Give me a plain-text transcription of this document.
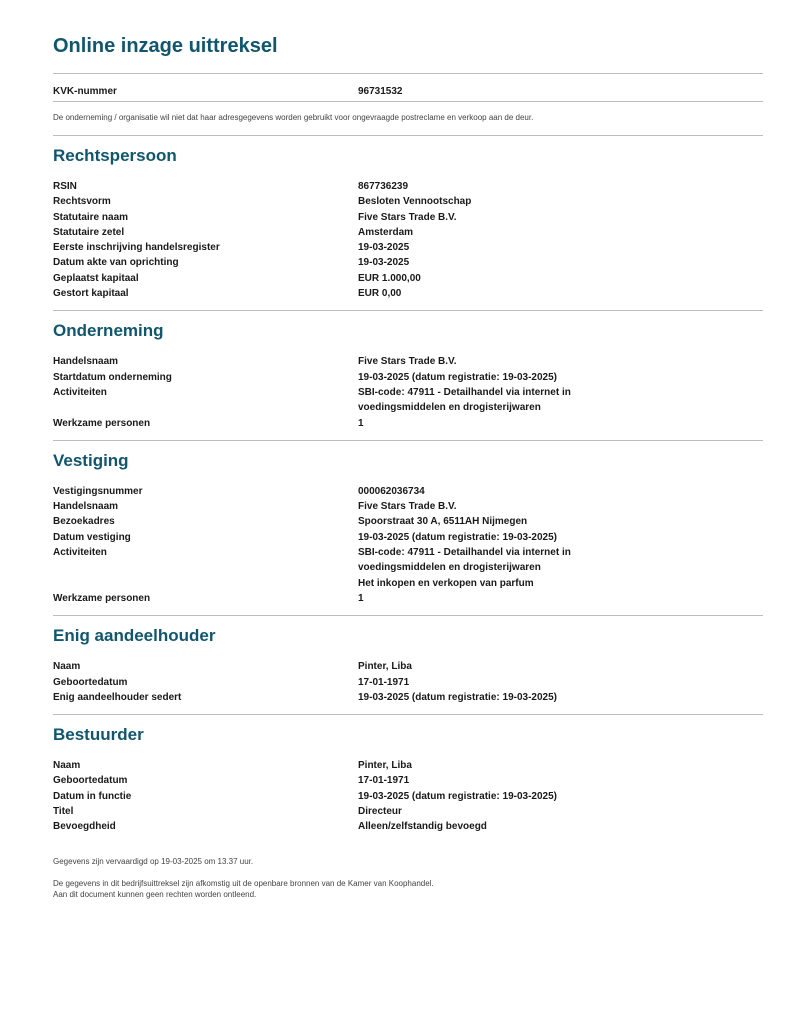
Online inzage uittreksel
KVK-nummer	96731532
De onderneming / organisatie wil niet dat haar adresgegevens worden gebruikt voor ongevraagde postreclame en verkoop aan de deur.
Rechtspersoon
RSIN	867736239
Rechtsvorm	Besloten Vennootschap
Statutaire naam	Five Stars Trade B.V.
Statutaire zetel	Amsterdam
Eerste inschrijving handelsregister	19-03-2025
Datum akte van oprichting	19-03-2025
Geplaatst kapitaal	EUR 1.000,00
Gestort kapitaal	EUR 0,00
Onderneming
Handelsnaam	Five Stars Trade B.V.
Startdatum onderneming	19-03-2025 (datum registratie: 19-03-2025)
Activiteiten	SBI-code: 47911 - Detailhandel via internet in
voedingsmiddelen en drogisterijwaren
Werkzame personen	1
Vestiging
Vestigingsnummer	000062036734
Handelsnaam	Five Stars Trade B.V.
Bezoekadres	Spoorstraat 30 A, 6511AH Nijmegen
Datum vestiging	19-03-2025 (datum registratie: 19-03-2025)
Activiteiten	SBI-code: 47911 - Detailhandel via internet in
voedingsmiddelen en drogisterijwaren
Het inkopen en verkopen van parfum
Werkzame personen	1
Enig aandeelhouder
Naam	Pinter, Liba
Geboortedatum	17-01-1971
Enig aandeelhouder sedert	19-03-2025 (datum registratie: 19-03-2025)
Bestuurder
Naam	Pinter, Liba
Geboortedatum	17-01-1971
Datum in functie	19-03-2025 (datum registratie: 19-03-2025)
Titel	Directeur
Bevoegdheid	Alleen/zelfstandig bevoegd
Gegevens zijn vervaardigd op 19-03-2025 om 13.37 uur.
De gegevens in dit bedrijfsuittreksel zijn afkomstig uit de openbare bronnen van de Kamer van Koophandel.
Aan dit document kunnen geen rechten worden ontleend.
